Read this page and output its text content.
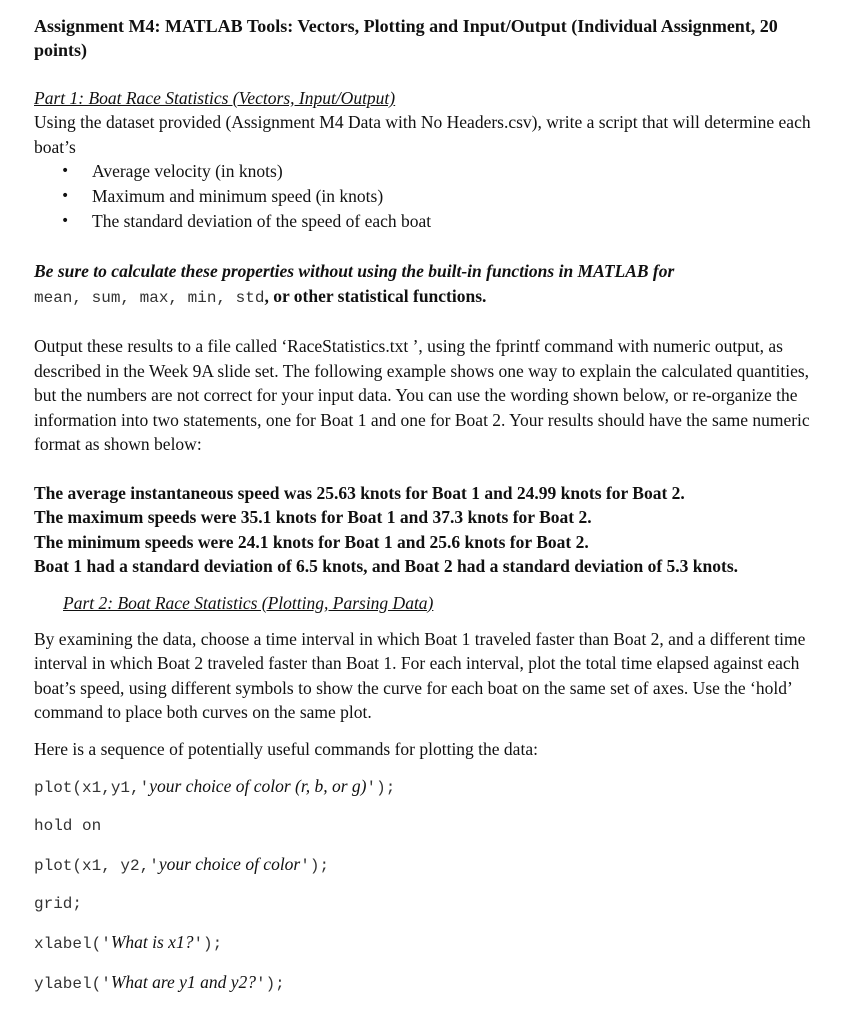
Assignment M4: MATLAB Tools: Vectors, Plotting and Input/Output (Individual Assignment, 20 points)

Part 1: Boat Race Statistics (Vectors, Input/Output)

Using the dataset provided (Assignment M4 Data with No Headers.csv), write a script that will determine each boat’s

• Average velocity (in knots)
• Maximum and minimum speed (in knots)
• The standard deviation of the speed of each boat

Be sure to calculate these properties without using the built-in functions in MATLAB for
mean, sum, max, min, std, or other statistical functions.

Output these results to a file called ‘RaceStatistics.txt ’, using the fprintf command with numeric output, as described in the Week 9A slide set. The following example shows one way to explain the calculated quantities, but the numbers are not correct for your input data. You can use the wording shown below, or re-organize the information into two statements, one for Boat 1 and one for Boat 2. Your results should have the same numeric format as shown below:

The average instantaneous speed was 25.63 knots for Boat 1 and 24.99 knots for Boat 2.
The maximum speeds were 35.1 knots for Boat 1 and 37.3 knots for Boat 2.
The minimum speeds were 24.1 knots for Boat 1 and 25.6 knots for Boat 2.
Boat 1 had a standard deviation of 6.5 knots, and Boat 2 had a standard deviation of 5.3 knots.
Part 2: Boat Race Statistics (Plotting, Parsing Data)

By examining the data, choose a time interval in which Boat 1 traveled faster than Boat 2, and a different time interval in which Boat 2 traveled faster than Boat 1. For each interval, plot the total time elapsed against each boat’s speed, using different symbols to show the curve for each boat on the same set of axes. Use the ‘hold’ command to place both curves on the same plot.

Here is a sequence of potentially useful commands for plotting the data:

plot(x1,y1,'your choice of color (r, b, or g)');
hold on
plot(x1, y2,'your choice of color');
grid;
xlabel('What is x1?');
ylabel('What are y1 and y2?');
